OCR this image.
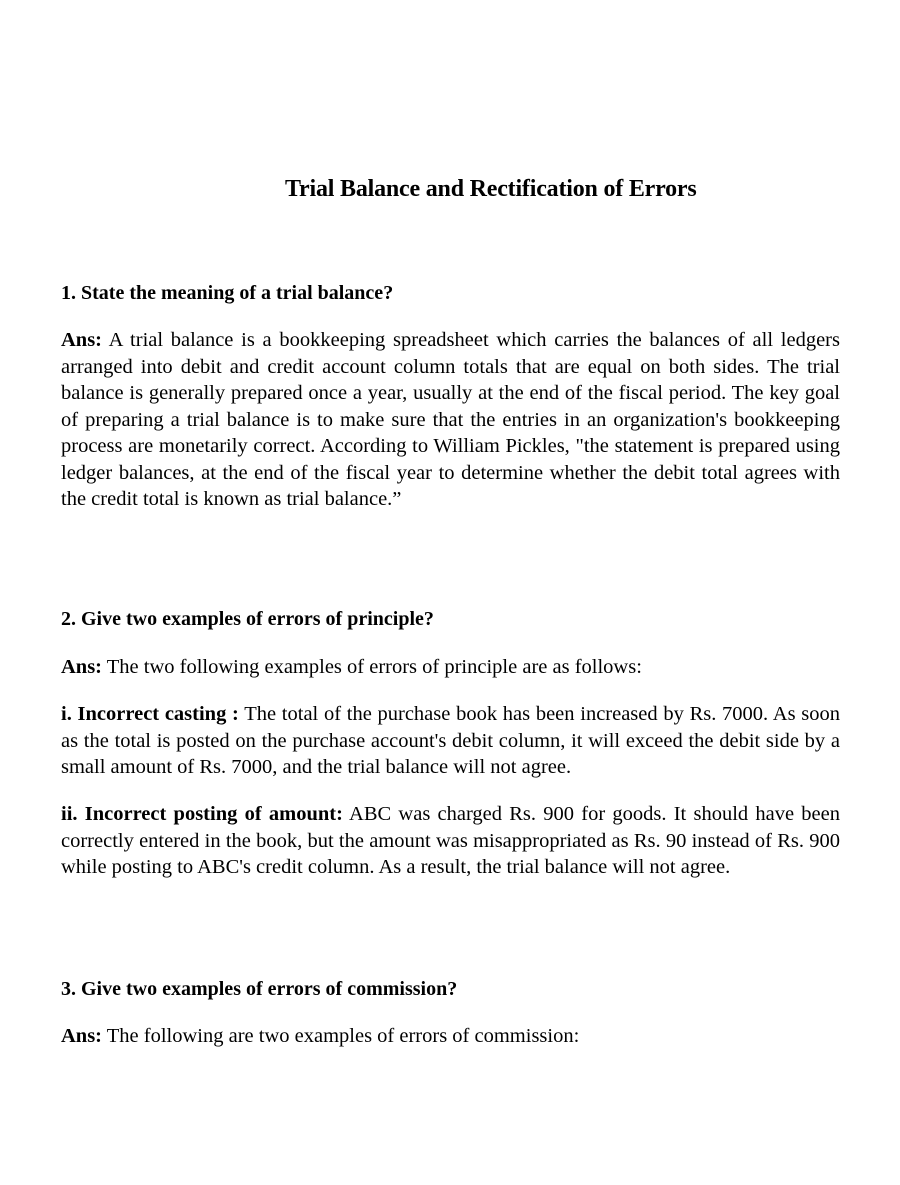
Trial Balance and Rectification of Errors
1. State the meaning of a trial balance?
Ans: A trial balance is a bookkeeping spreadsheet which carries the balances of all ledgers arranged into debit and credit account column totals that are equal on both sides. The trial balance is generally prepared once a year, usually at the end of the fiscal period. The key goal of preparing a trial balance is to make sure that the entries in an organization's bookkeeping process are monetarily correct. According to William Pickles, "the statement is prepared using ledger balances, at the end of the fiscal year to determine whether the debit total agrees with the credit total is known as trial balance.”
2. Give two examples of errors of principle?
Ans: The two following examples of errors of principle are as follows:
i. Incorrect casting : The total of the purchase book has been increased by Rs. 7000. As soon as the total is posted on the purchase account's debit column, it will exceed the debit side by a small amount of Rs. 7000, and the trial balance will not agree.
ii. Incorrect posting of amount: ABC was charged Rs. 900 for goods. It should have been correctly entered in the book, but the amount was misappropriated as Rs. 90 instead of Rs. 900 while posting to ABC's credit column. As a result, the trial balance will not agree.
3. Give two examples of errors of commission?
Ans: The following are two examples of errors of commission:
